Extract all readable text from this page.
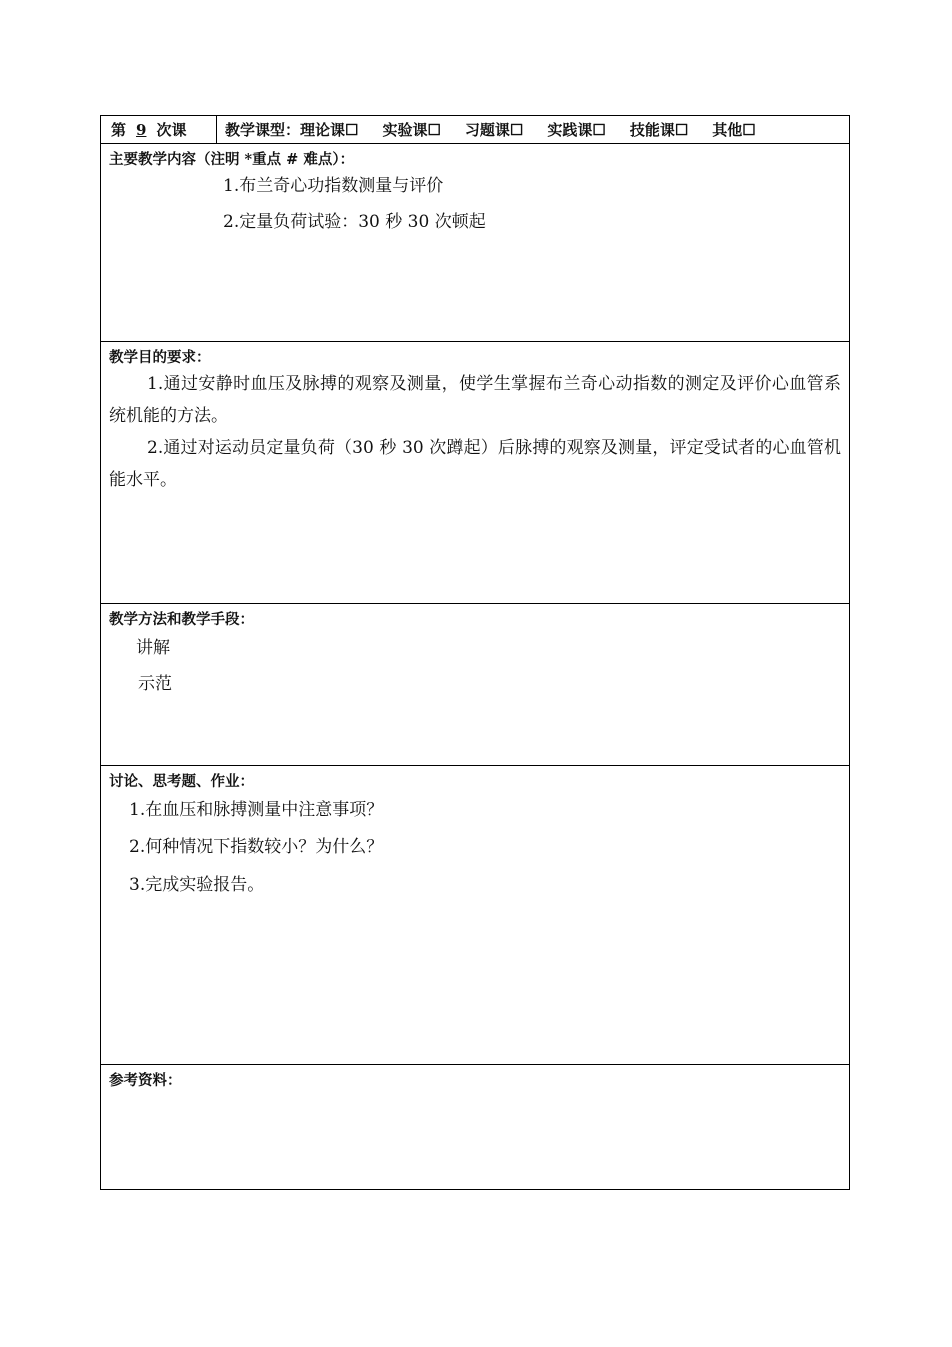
第 9 次课	教学课型： 理论课☐ 实验课☐ 习题课☐ 实践课☐ 技能课☐ 其他☐
主要教学内容（注明 *重点 # 难点）：
1.布兰奇心功指数测量与评价
2.定量负荷试验：30 秒 30 次顿起
教学目的要求：
1.通过安静时血压及脉搏的观察及测量，使学生掌握布兰奇心动指数的测定及评价心血管系统机能的方法。
2.通过对运动员定量负荷（30 秒 30 次蹲起）后脉搏的观察及测量，评定受试者的心血管机能水平。
教学方法和教学手段：
讲解
示范
讨论、思考题、作业：
1.在血压和脉搏测量中注意事项？
2.何种情况下指数较小？为什么？
3.完成实验报告。
参考资料：
